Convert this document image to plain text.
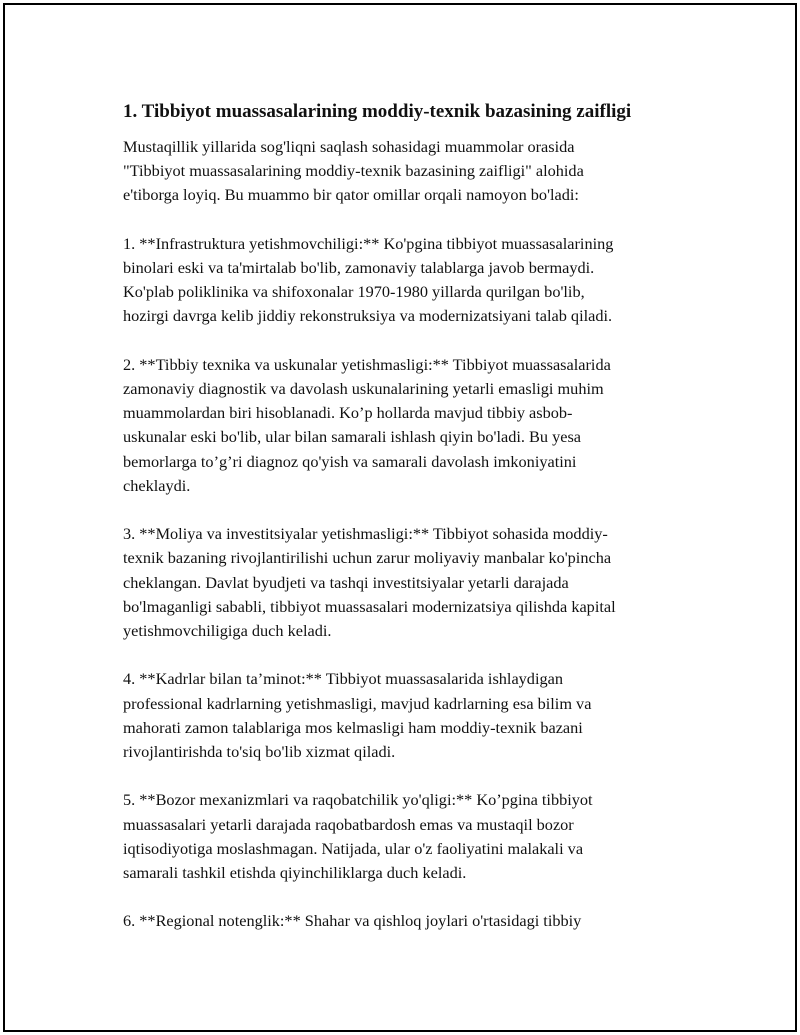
1. Tibbiyot muassasalarining moddiy-texnik bazasining zaifligi
Mustaqillik yillarida sog'liqni saqlash sohasidagi muammolar orasida
"Tibbiyot muassasalarining moddiy-texnik bazasining zaifligi" alohida
e'tiborga loyiq. Bu muammo bir qator omillar orqali namoyon bo'ladi:
1. **Infrastruktura yetishmovchiligi:** Ko'pgina tibbiyot muassasalarining
binolari eski va ta'mirtalab bo'lib, zamonaviy talablarga javob bermaydi.
Ko'plab poliklinika va shifoxonalar 1970-1980 yillarda qurilgan bo'lib,
hozirgi davrga kelib jiddiy rekonstruksiya va modernizatsiyani talab qiladi.
2. **Tibbiy texnika va uskunalar yetishmasligi:** Tibbiyot muassasalarida
zamonaviy diagnostik va davolash uskunalarining yetarli emasligi muhim
muammolardan biri hisoblanadi. Ko’p hollarda mavjud tibbiy asbob-
uskunalar eski bo'lib, ular bilan samarali ishlash qiyin bo'ladi. Bu yesa
bemorlarga to’g’ri diagnoz qo'yish va samarali davolash imkoniyatini
cheklaydi.
3. **Moliya va investitsiyalar yetishmasligi:** Tibbiyot sohasida moddiy-
texnik bazaning rivojlantirilishi uchun zarur moliyaviy manbalar ko'pincha
cheklangan. Davlat byudjeti va tashqi investitsiyalar yetarli darajada
bo'lmaganligi sababli, tibbiyot muassasalari modernizatsiya qilishda kapital
yetishmovchiligiga duch keladi.
4. **Kadrlar bilan ta’minot:** Tibbiyot muassasalarida ishlaydigan
professional kadrlarning yetishmasligi, mavjud kadrlarning esa bilim va
mahorati zamon talablariga mos kelmasligi ham moddiy-texnik bazani
rivojlantirishda to'siq bo'lib xizmat qiladi.
5. **Bozor mexanizmlari va raqobatchilik yo'qligi:** Ko’pgina tibbiyot
muassasalari yetarli darajada raqobatbardosh emas va mustaqil bozor
iqtisodiyotiga moslashmagan. Natijada, ular o'z faoliyatini malakali va
samarali tashkil etishda qiyinchiliklarga duch keladi.
6. **Regional notenglik:** Shahar va qishloq joylari o'rtasidagi tibbiy
